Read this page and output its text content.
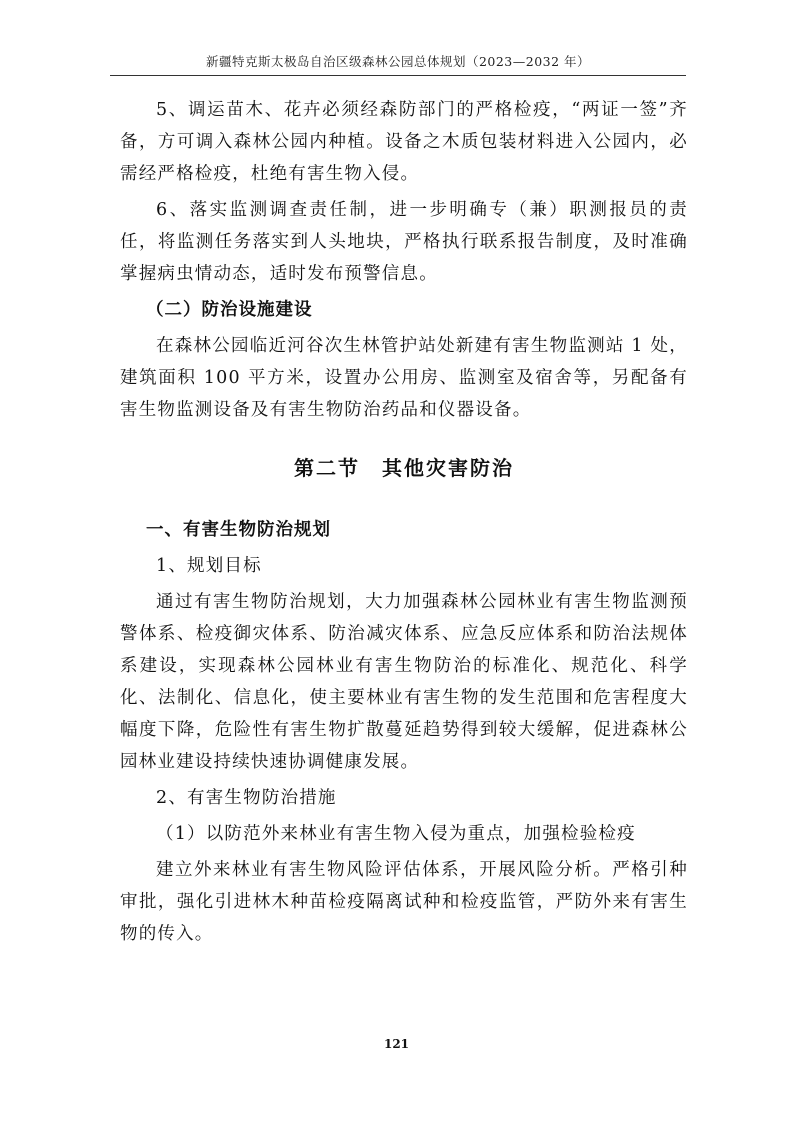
新疆特克斯太极岛自治区级森林公园总体规划（2023—2032 年）

5、调运苗木、花卉必须经森防部门的严格检疫，“两证一签”齐备，方可调入森林公园内种植。设备之木质包装材料进入公园内，必需经严格检疫，杜绝有害生物入侵。

6、落实监测调查责任制，进一步明确专（兼）职测报员的责任，将监测任务落实到人头地块，严格执行联系报告制度，及时准确掌握病虫情动态，适时发布预警信息。

（二）防治设施建设

在森林公园临近河谷次生林管护站处新建有害生物监测站 1 处，建筑面积 100 平方米，设置办公用房、监测室及宿舍等，另配备有害生物监测设备及有害生物防治药品和仪器设备。

第二节　其他灾害防治

一、有害生物防治规划

1、规划目标

通过有害生物防治规划，大力加强森林公园林业有害生物监测预警体系、检疫御灾体系、防治减灾体系、应急反应体系和防治法规体系建设，实现森林公园林业有害生物防治的标准化、规范化、科学化、法制化、信息化，使主要林业有害生物的发生范围和危害程度大幅度下降，危险性有害生物扩散蔓延趋势得到较大缓解，促进森林公园林业建设持续快速协调健康发展。

2、有害生物防治措施

（1）以防范外来林业有害生物入侵为重点，加强检验检疫

建立外来林业有害生物风险评估体系，开展风险分析。严格引种审批，强化引进林木种苗检疫隔离试种和检疫监管，严防外来有害生物的传入。

121
